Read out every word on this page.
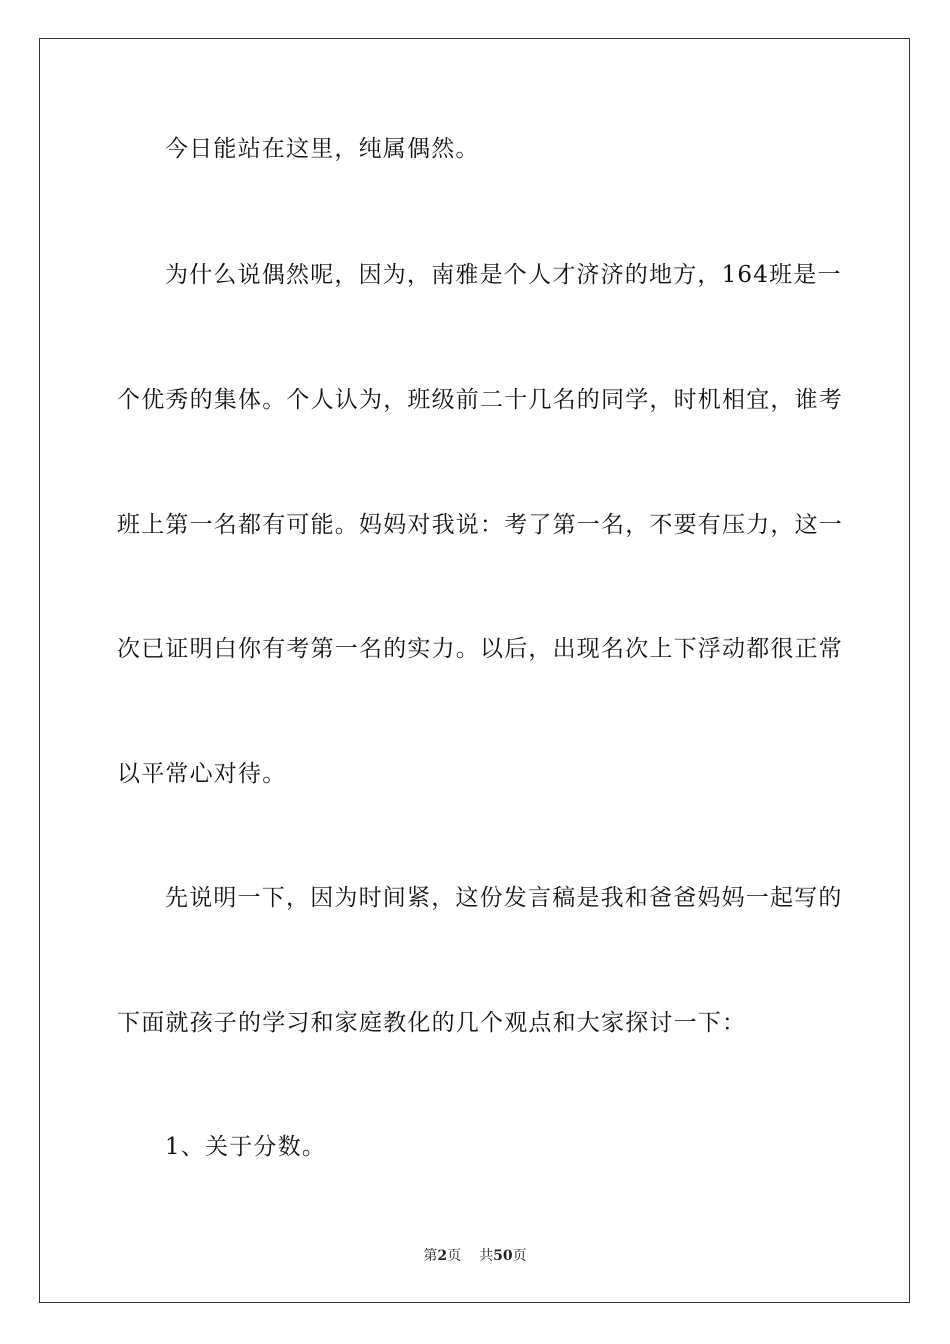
今日能站在这里，纯属偶然。
为什么说偶然呢，因为，南雅是个人才济济的地方，164班是一
个优秀的集体。个人认为，班级前二十几名的同学，时机相宜，谁考
班上第一名都有可能。妈妈对我说：考了第一名，不要有压力，这一
次已证明白你有考第一名的实力。以后，出现名次上下浮动都很正常
以平常心对待。
先说明一下，因为时间紧，这份发言稿是我和爸爸妈妈一起写的
下面就孩子的学习和家庭教化的几个观点和大家探讨一下：
1、关于分数。
第2页 共50页
